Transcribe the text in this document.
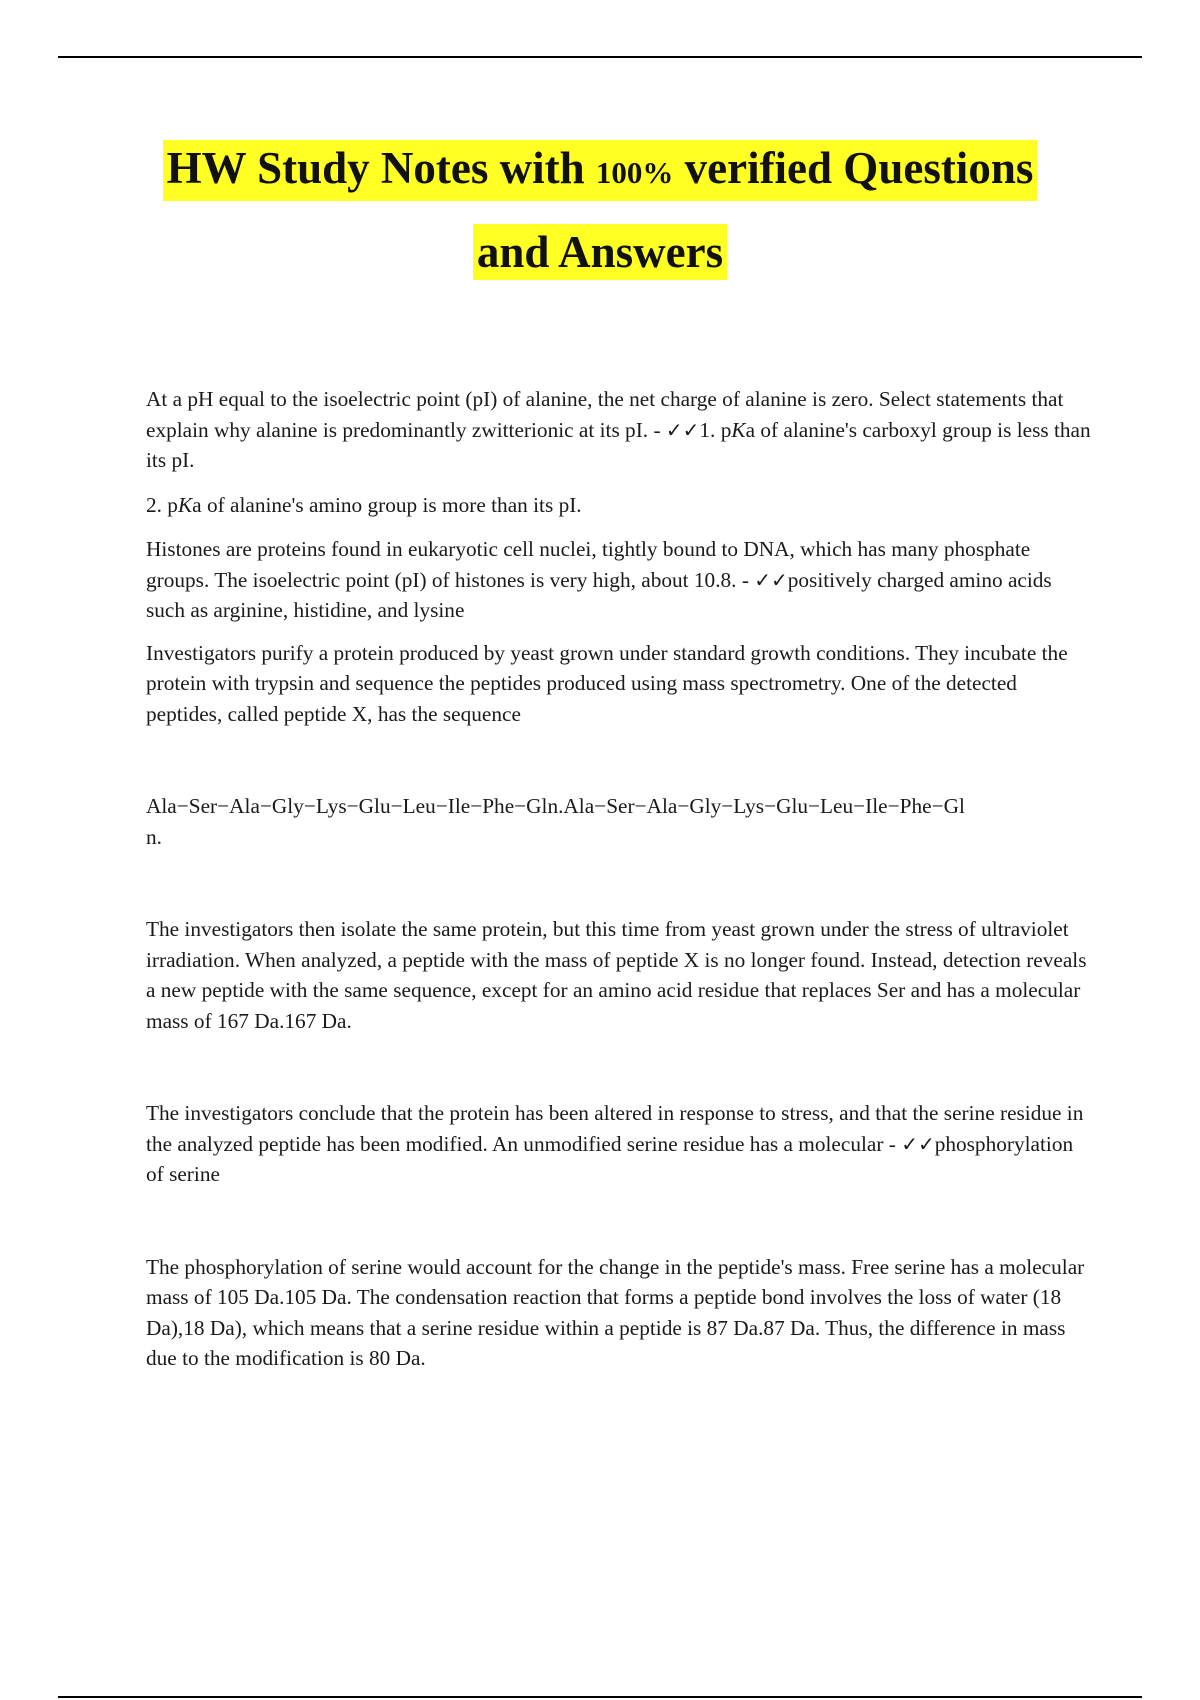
HW Study Notes with 100% verified Questions
and Answers

At a pH equal to the isoelectric point (pI) of alanine, the net charge of alanine is zero. Select statements that explain why alanine is predominantly zwitterionic at its pI. - ✓✓1. pKa of alanine's carboxyl group is less than its pI.

2. pKa of alanine's amino group is more than its pI.

Histones are proteins found in eukaryotic cell nuclei, tightly bound to DNA, which has many phosphate groups. The isoelectric point (pI) of histones is very high, about 10.8. - ✓✓positively charged amino acids such as arginine, histidine, and lysine

Investigators purify a protein produced by yeast grown under standard growth conditions. They incubate the protein with trypsin and sequence the peptides produced using mass spectrometry. One of the detected peptides, called peptide X, has the sequence

Ala−Ser−Ala−Gly−Lys−Glu−Leu−Ile−Phe−Gln.Ala−Ser−Ala−Gly−Lys−Glu−Leu−Ile−Phe−Gl
n.

The investigators then isolate the same protein, but this time from yeast grown under the stress of ultraviolet irradiation. When analyzed, a peptide with the mass of peptide X is no longer found. Instead, detection reveals a new peptide with the same sequence, except for an amino acid residue that replaces Ser and has a molecular mass of 167 Da.167 Da.

The investigators conclude that the protein has been altered in response to stress, and that the serine residue in the analyzed peptide has been modified. An unmodified serine residue has a molecular - ✓✓phosphorylation of serine

The phosphorylation of serine would account for the change in the peptide's mass. Free serine has a molecular mass of 105 Da.105 Da. The condensation reaction that forms a peptide bond involves the loss of water (18 Da),18 Da), which means that a serine residue within a peptide is 87 Da.87 Da. Thus, the difference in mass due to the modification is 80 Da.
